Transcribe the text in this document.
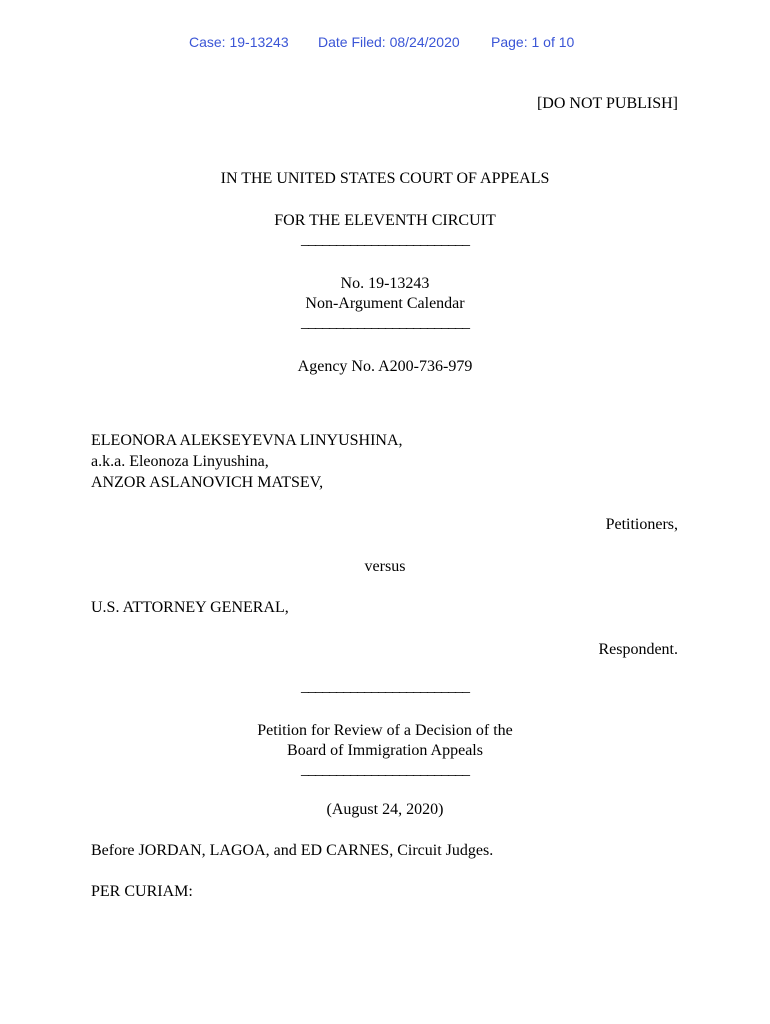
Case: 19-13243 Date Filed: 08/24/2020 Page: 1 of 10
[DO NOT PUBLISH]
IN THE UNITED STATES COURT OF APPEALS
FOR THE ELEVENTH CIRCUIT
________________________
No. 19-13243
Non-Argument Calendar
________________________
Agency No. A200-736-979
ELEONORA ALEKSEYEVNA LINYUSHINA,
a.k.a. Eleonoza Linyushina,
ANZOR ASLANOVICH MATSEV,
Petitioners,
versus
U.S. ATTORNEY GENERAL,
Respondent.
________________________
Petition for Review of a Decision of the
Board of Immigration Appeals
________________________
(August 24, 2020)
Before JORDAN, LAGOA, and ED CARNES, Circuit Judges.
PER CURIAM:
